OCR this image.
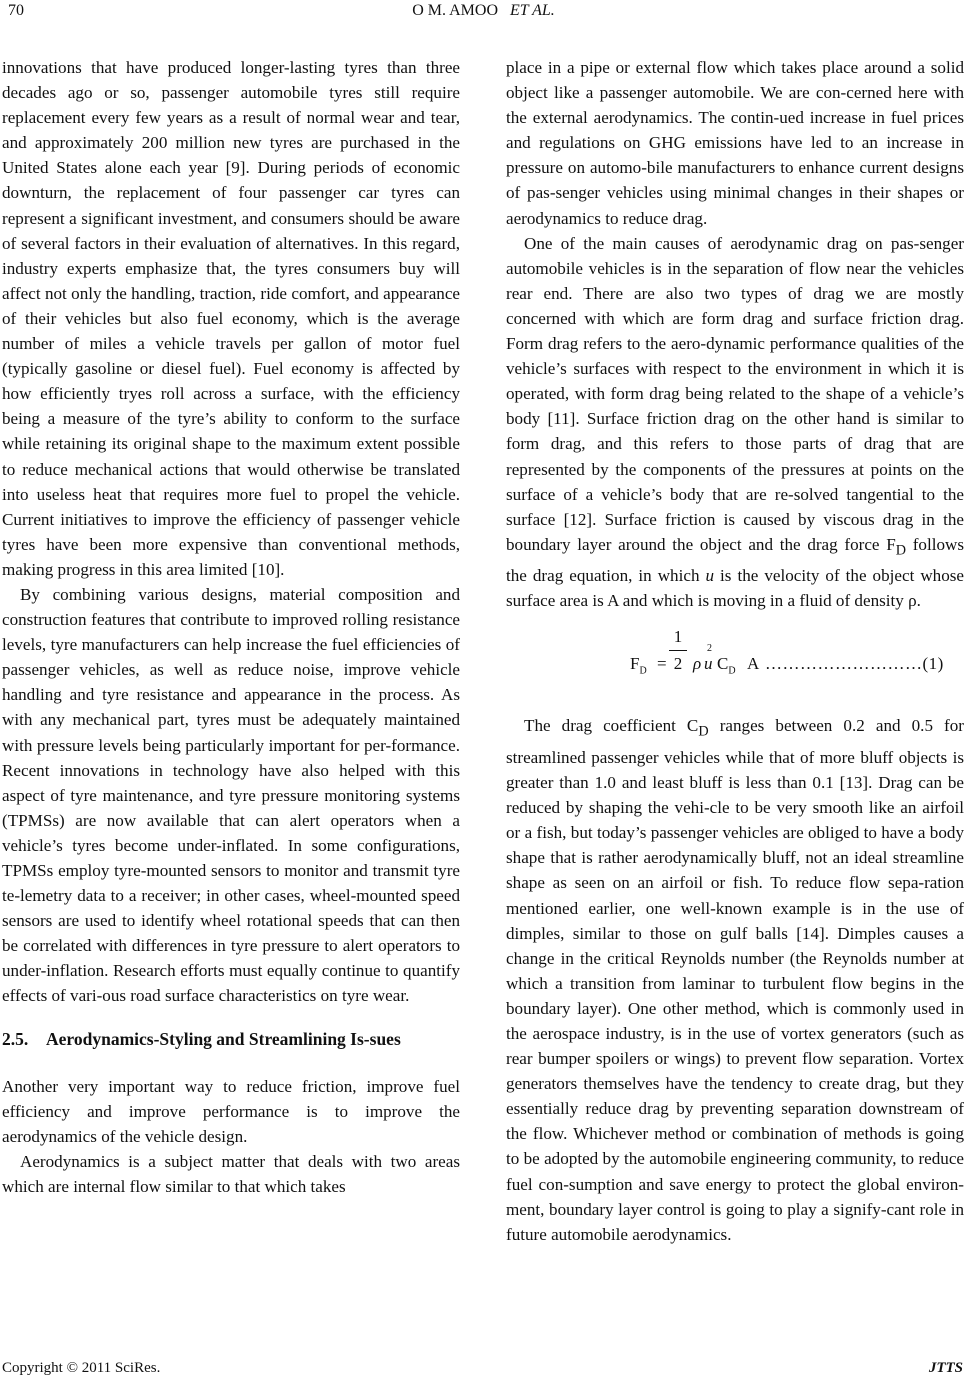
70	O M. AMOO ET AL.

innovations that have produced longer-lasting tyres than three decades ago or so, passenger automobile tyres still require replacement every few years as a result of normal wear and tear, and approximately 200 million new tyres are purchased in the United States alone each year [9]. During periods of economic downturn, the replacement of four passenger car tyres can represent a significant investment, and consumers should be aware of several factors in their evaluation of alternatives. In this regard, industry experts emphasize that, the tyres consumers buy will affect not only the handling, traction, ride comfort, and appearance of their vehicles but also fuel economy, which is the average number of miles a vehicle travels per gallon of motor fuel (typically gasoline or diesel fuel). Fuel economy is affected by how efficiently tryes roll across a surface, with the efficiency being a measure of the tyre’s ability to conform to the surface while retaining its original shape to the maximum extent possible to reduce mechanical actions that would otherwise be translated into useless heat that requires more fuel to propel the vehicle. Current initiatives to improve the efficiency of passenger vehicle tyres have been more expensive than conventional methods, making progress in this area limited [10].

By combining various designs, material composition and construction features that contribute to improved rolling resistance levels, tyre manufacturers can help increase the fuel efficiencies of passenger vehicles, as well as reduce noise, improve vehicle handling and tyre resistance and appearance in the process. As with any mechanical part, tyres must be adequately maintained with pressure levels being particularly important for per-formance. Recent innovations in technology have also helped with this aspect of tyre maintenance, and tyre pressure monitoring systems (TPMSs) are now available that can alert operators when a vehicle’s tyres become under-inflated. In some configurations, TPMSs employ tyre-mounted sensors to monitor and transmit tyre te-lemetry data to a receiver; in other cases, wheel-mounted speed sensors are used to identify wheel rotational speeds that can then be correlated with differences in tyre pressure to alert operators to under-inflation. Research efforts must equally continue to quantify effects of vari-ous road surface characteristics on tyre wear.

2.5. Aerodynamics-Styling and Streamlining Is-sues

Another very important way to reduce friction, improve fuel efficiency and improve performance is to improve the aerodynamics of the vehicle design.

Aerodynamics is a subject matter that deals with two areas which are internal flow similar to that which takes

place in a pipe or external flow which takes place around a solid object like a passenger automobile. We are con-cerned here with the external aerodynamics. The contin-ued increase in fuel prices and regulations on GHG emissions have led to an increase in pressure on automo-bile manufacturers to enhance current designs of pas-senger vehicles using minimal changes in their shapes or aerodynamics to reduce drag.

One of the main causes of aerodynamic drag on pas-senger automobile vehicles is in the separation of flow near the vehicles rear end. There are also two types of drag we are mostly concerned with which are form drag and surface friction drag. Form drag refers to the aero-dynamic performance qualities of the vehicle’s surfaces with respect to the environment in which it is operated, with form drag being related to the shape of a vehicle’s body [11]. Surface friction drag on the other hand is similar to form drag, and this refers to those parts of drag that are represented by the components of the pressures at points on the surface of a vehicle’s body that are re-solved tangential to the surface [12]. Surface friction is caused by viscous drag in the boundary layer around the object and the drag force $F_D$ follows the drag equation, in which u is the velocity of the object whose surface area is A and which is moving in a fluid of density ρ.

$F_D$ =
1
2 ρ u
2
$C_D$ A ………………………(1)

The drag coefficient $C_D$ ranges between 0.2 and 0.5 for streamlined passenger vehicles while that of more bluff objects is greater than 1.0 and least bluff is less than 0.1 [13]. Drag can be reduced by shaping the vehi-cle to be very smooth like an airfoil or a fish, but today’s passenger vehicles are obliged to have a body shape that is rather aerodynamically bluff, not an ideal streamline shape as seen on an airfoil or fish. To reduce flow sepa-ration mentioned earlier, one well-known example is in the use of dimples, similar to those on gulf balls [14]. Dimples causes a change in the critical Reynolds number (the Reynolds number at which a transition from laminar to turbulent flow begins in the boundary layer). One other method, which is commonly used in the aerospace industry, is in the use of vortex generators (such as rear bumper spoilers or wings) to prevent flow separation. Vortex generators themselves have the tendency to create drag, but they essentially reduce drag by preventing separation downstream of the flow. Whichever method or combination of methods is going to be adopted by the automobile engineering community, to reduce fuel con-sumption and save energy to protect the global environ-ment, boundary layer control is going to play a signify-cant role in future automobile aerodynamics.

Copyright © 2011 SciRes.	JTTS
